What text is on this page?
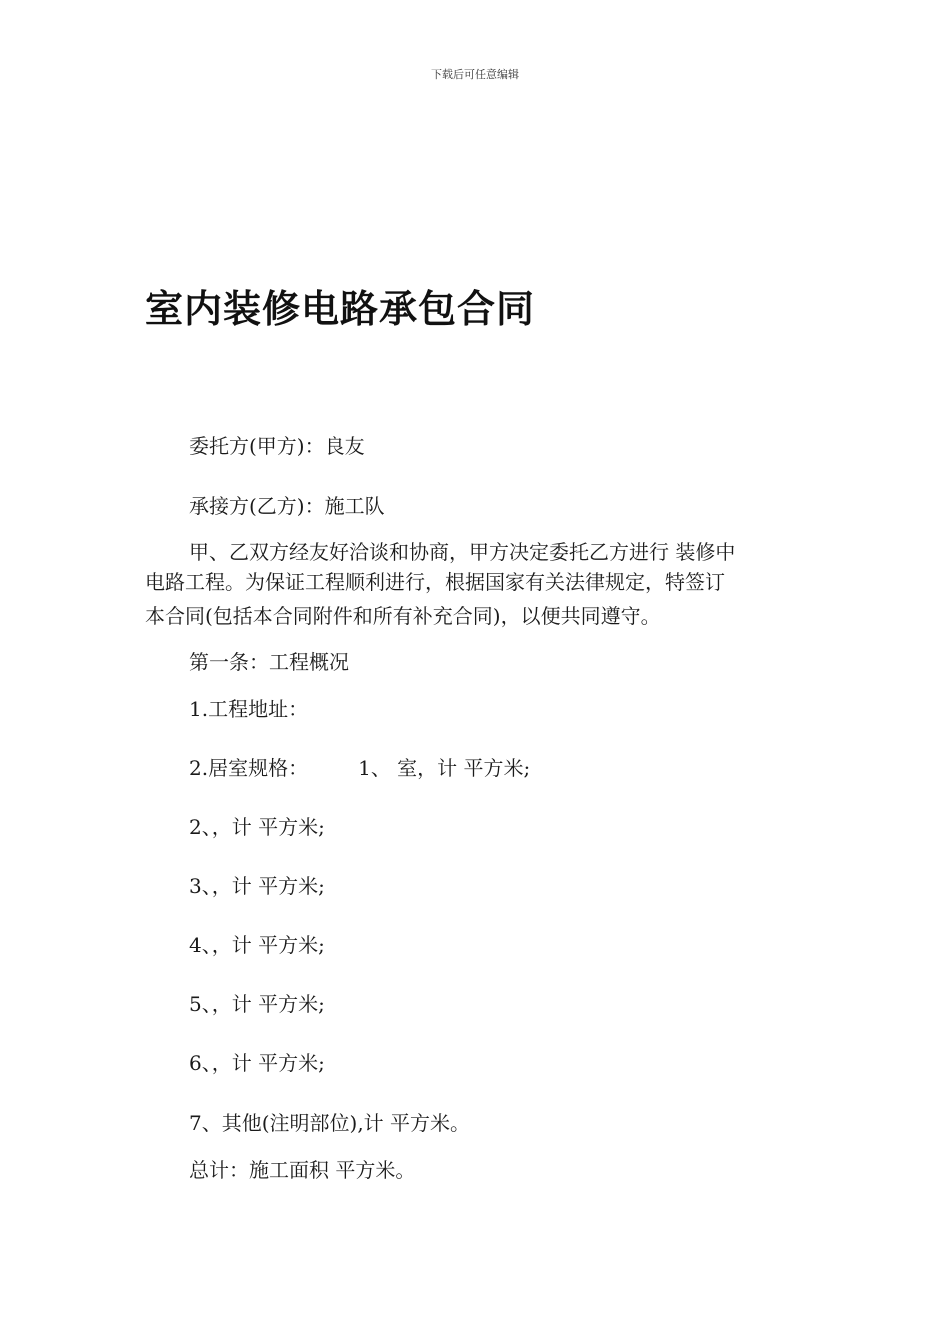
下载后可任意编辑
室内装修电路承包合同
委托方(甲方)：良友
承接方(乙方)：施工队
甲、乙双方经友好洽谈和协商，甲方决定委托乙方进行 装修中
电路工程。为保证工程顺利进行，根据国家有关法律规定，特签订
本合同(包括本合同附件和所有补充合同)，以便共同遵守。
第一条：工程概况
1.工程地址：
2.居室规格：	1、 室，计 平方米;
2、，计 平方米;
3、，计 平方米;
4、，计 平方米;
5、，计 平方米;
6、，计 平方米;
7、其他(注明部位),计 平方米。
总计：施工面积 平方米。
